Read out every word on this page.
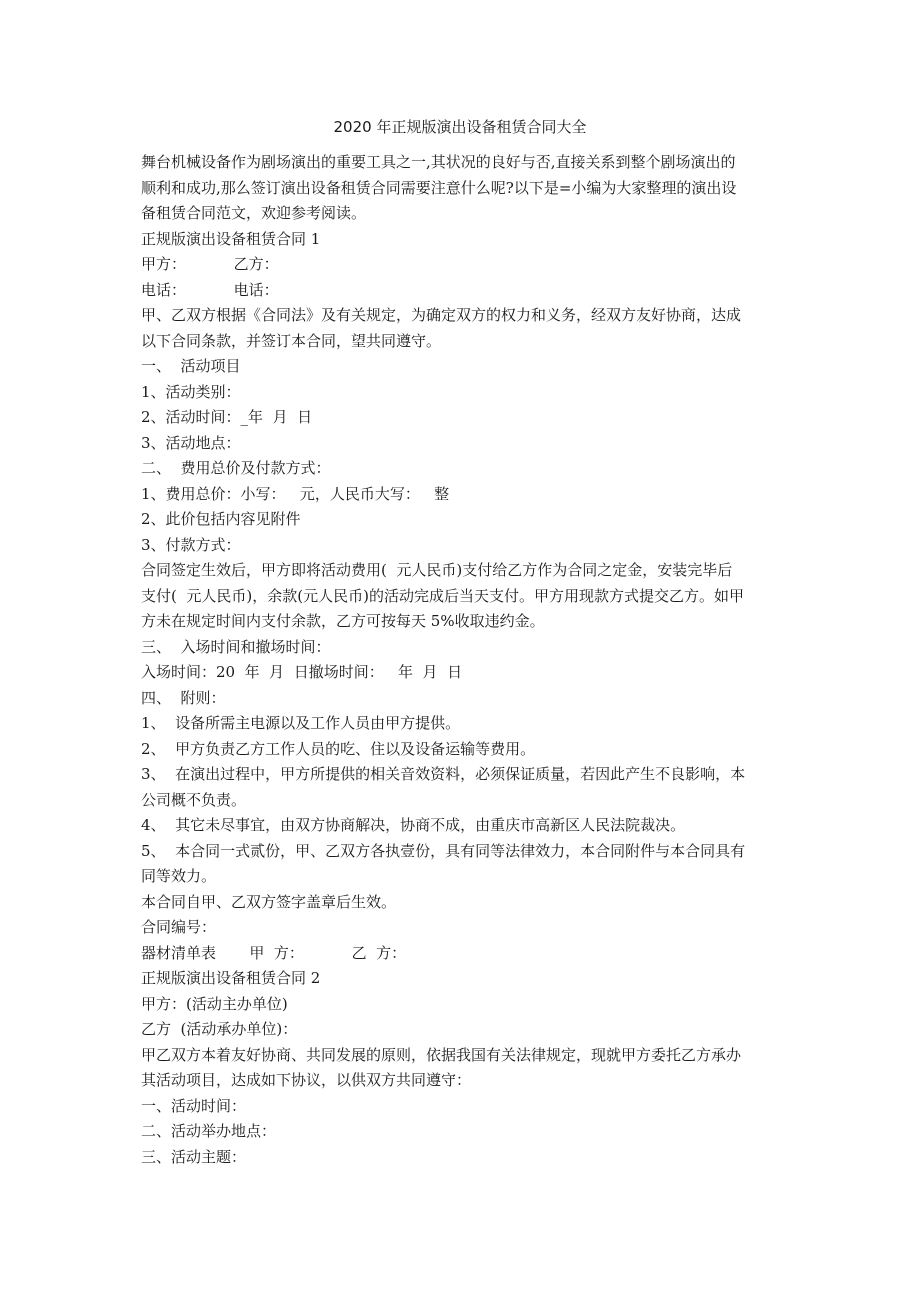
2020 年正规版演出设备租赁合同大全
舞台机械设备作为剧场演出的重要工具之一,其状况的良好与否,直接关系到整个剧场演出的
顺利和成功,那么签订演出设备租赁合同需要注意什么呢?以下是=小编为大家整理的演出设
备租赁合同范文，欢迎参考阅读。
正规版演出设备租赁合同 1
甲方：          乙方：
电话：          电话：
甲、乙双方根据《合同法》及有关规定，为确定双方的权力和义务，经双方友好协商，达成
以下合同条款，并签订本合同，望共同遵守。
一、  活动项目
1、活动类别：
2、活动时间：_年  月  日
3、活动地点：
二、  费用总价及付款方式：
1、费用总价：小写：   元，人民币大写：   整
2、此价包括内容见附件
3、付款方式：
合同签定生效后，甲方即将活动费用(  元人民币)支付给乙方作为合同之定金，安装完毕后
支付(  元人民币)，余款(元人民币)的活动完成后当天支付。甲方用现款方式提交乙方。如甲
方未在规定时间内支付余款，乙方可按每天 5%收取违约金。
三、  入场时间和撤场时间：
入场时间：20  年  月  日撤场时间：   年  月  日
四、  附则：
1、  设备所需主电源以及工作人员由甲方提供。
2、  甲方负责乙方工作人员的吃、住以及设备运输等费用。
3、  在演出过程中，甲方所提供的相关音效资料，必须保证质量，若因此产生不良影响，本
公司概不负责。
4、  其它未尽事宜，由双方协商解决，协商不成，由重庆市高新区人民法院裁决。
5、  本合同一式贰份，甲、乙双方各执壹份，具有同等法律效力，本合同附件与本合同具有
同等效力。
本合同自甲、乙双方签字盖章后生效。
合同编号：
器材清单表       甲  方：          乙  方：
正规版演出设备租赁合同 2
甲方：(活动主办单位)
乙方  (活动承办单位)：
甲乙双方本着友好协商、共同发展的原则，依据我国有关法律规定，现就甲方委托乙方承办
其活动项目，达成如下协议，以供双方共同遵守：
一、活动时间：
二、活动举办地点：
三、活动主题：
